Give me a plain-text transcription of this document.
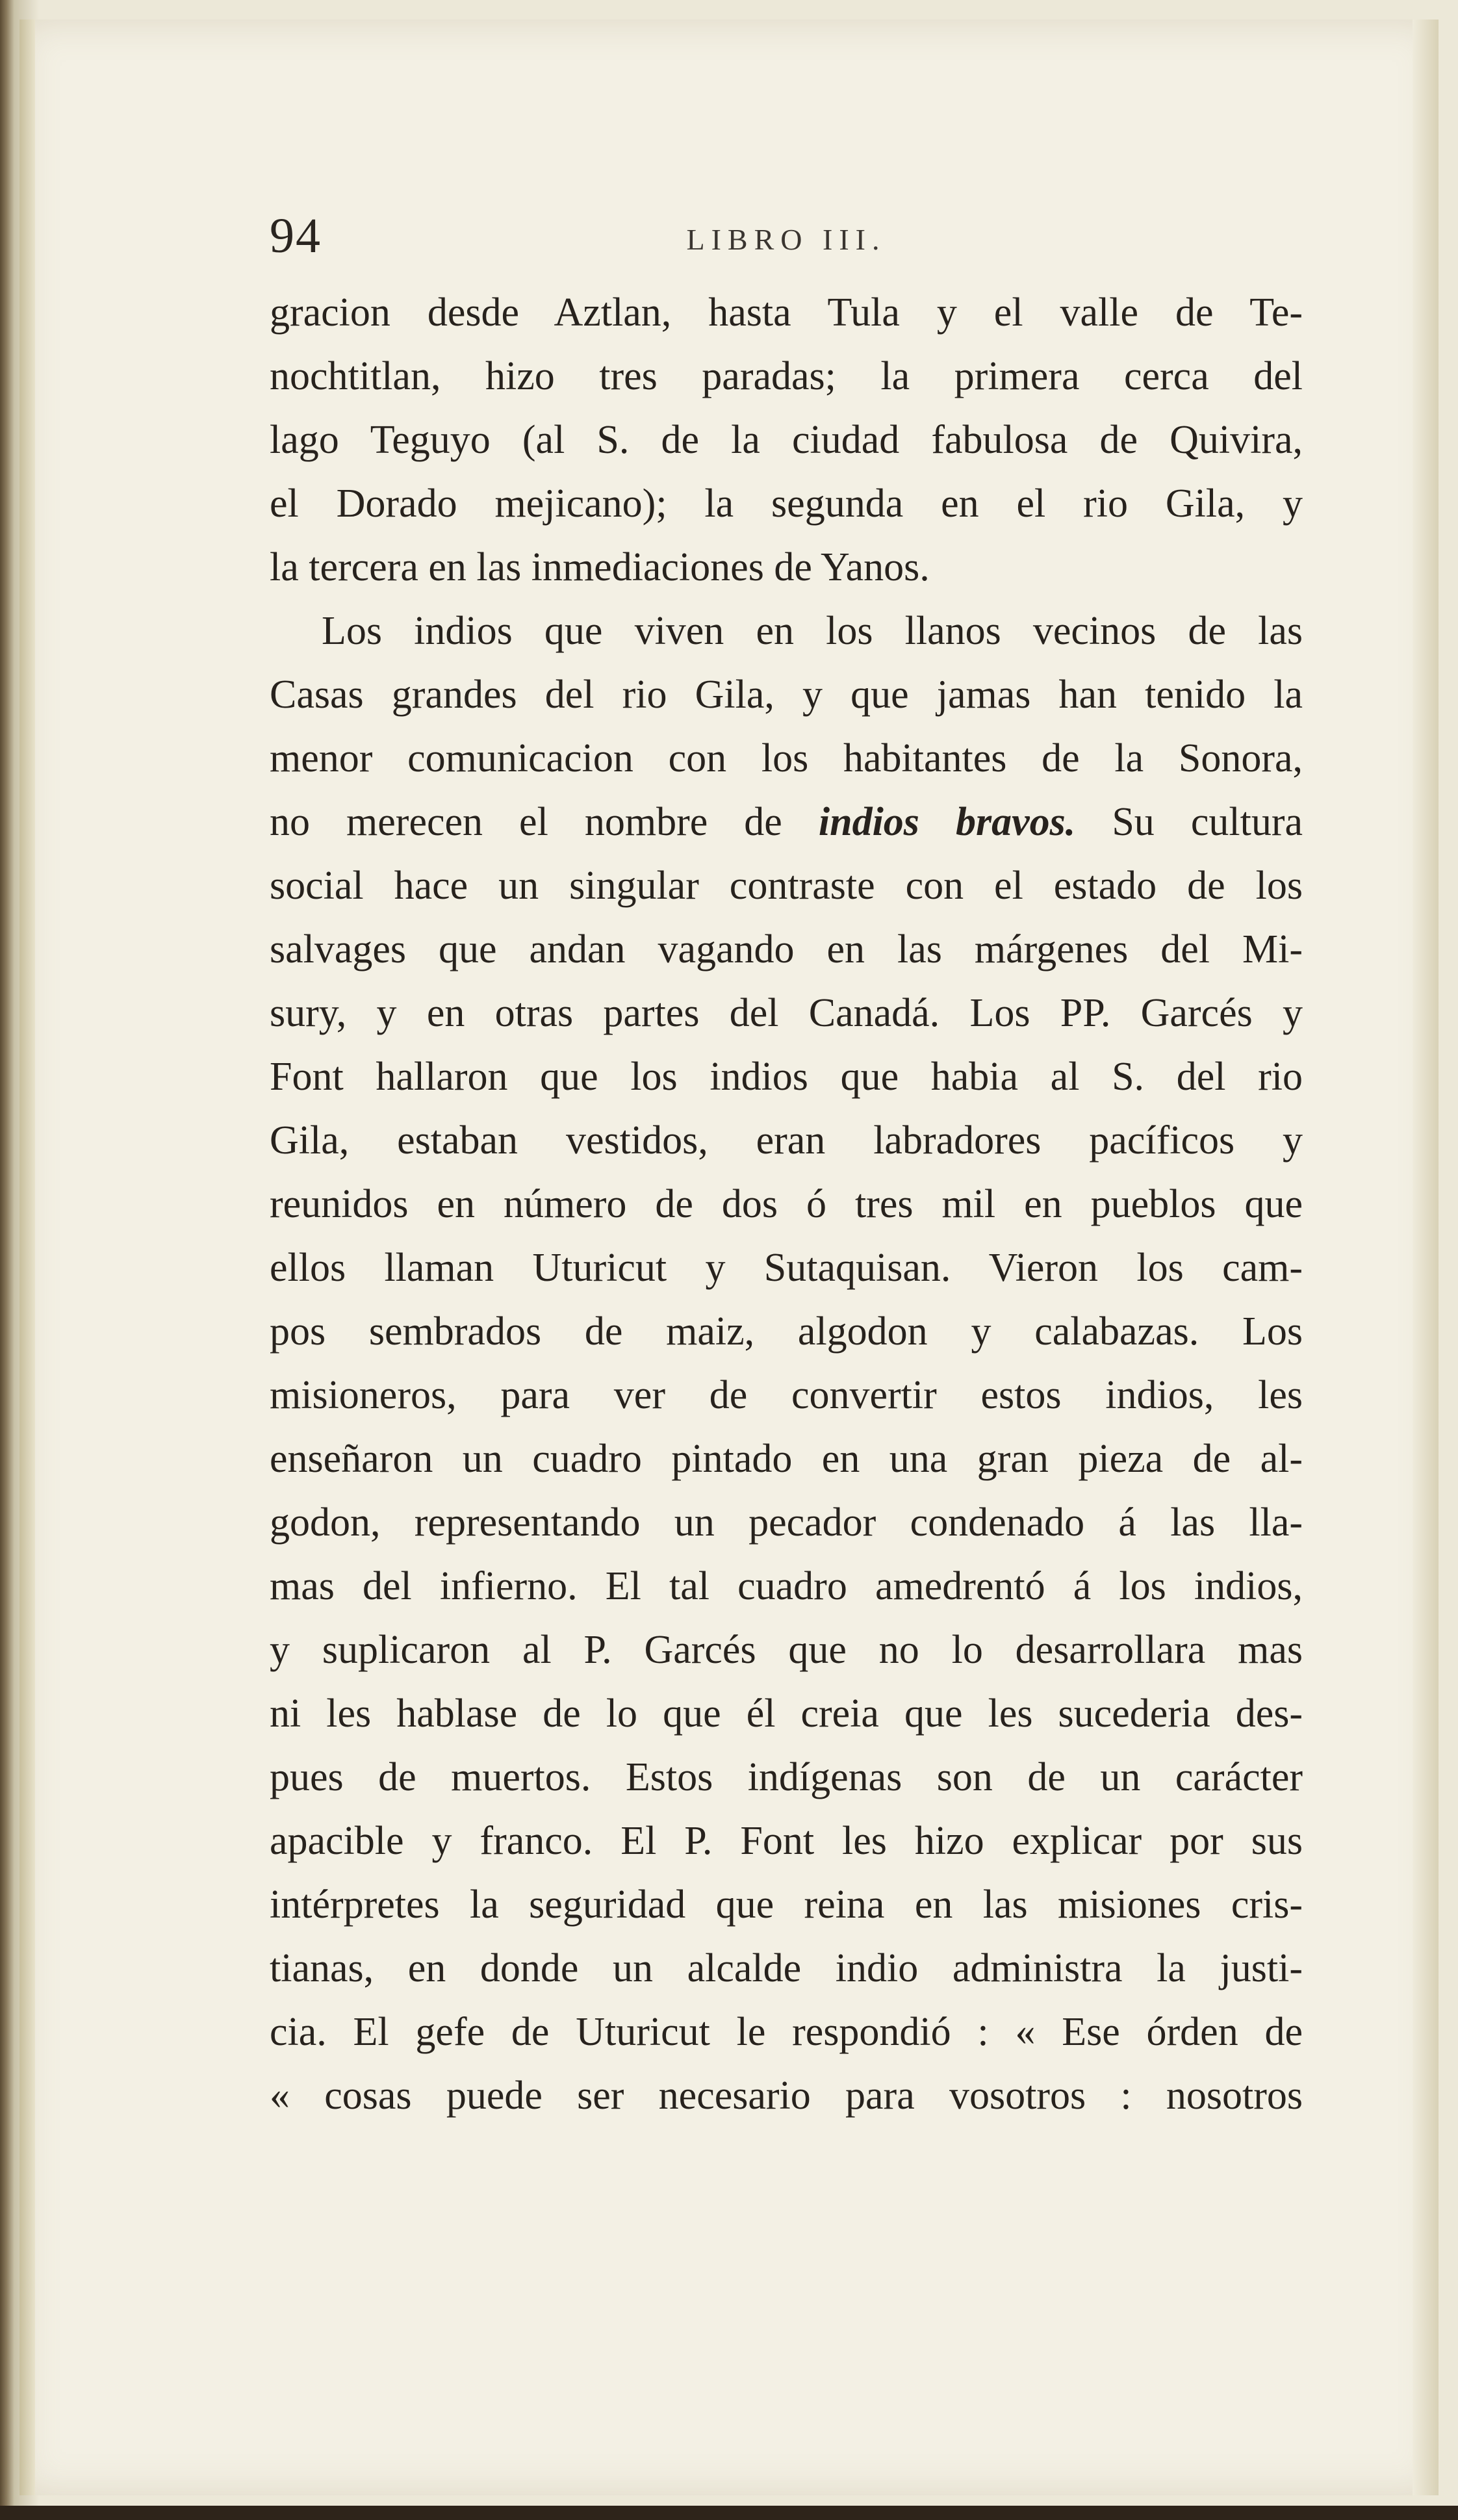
94	LIBRO III.
gracion desde Aztlan, hasta Tula y el valle de Te-
nochtitlan, hizo tres paradas; la primera cerca del
lago Teguyo (al S. de la ciudad fabulosa de Quivira,
el Dorado mejicano); la segunda en el rio Gila, y
la tercera en las inmediaciones de Yanos.
Los indios que viven en los llanos vecinos de las
Casas grandes del rio Gila, y que jamas han tenido la
menor comunicacion con los habitantes de la Sonora,
no merecen el nombre de indios bravos. Su cultura
social hace un singular contraste con el estado de los
salvages que andan vagando en las márgenes del Mi-
sury, y en otras partes del Canadá. Los PP. Garcés y
Font hallaron que los indios que habia al S. del rio
Gila, estaban vestidos, eran labradores pacíficos y
reunidos en número de dos ó tres mil en pueblos que
ellos llaman Uturicut y Sutaquisan. Vieron los cam-
pos sembrados de maiz, algodon y calabazas. Los
misioneros, para ver de convertir estos indios, les
enseñaron un cuadro pintado en una gran pieza de al-
godon, representando un pecador condenado á las lla-
mas del infierno. El tal cuadro amedrentó á los indios,
y suplicaron al P. Garcés que no lo desarrollara mas
ni les hablase de lo que él creia que les sucederia des-
pues de muertos. Estos indígenas son de un carácter
apacible y franco. El P. Font les hizo explicar por sus
intérpretes la seguridad que reina en las misiones cris-
tianas, en donde un alcalde indio administra la justi-
cia. El gefe de Uturicut le respondió : « Ese órden de
« cosas puede ser necesario para vosotros : nosotros
